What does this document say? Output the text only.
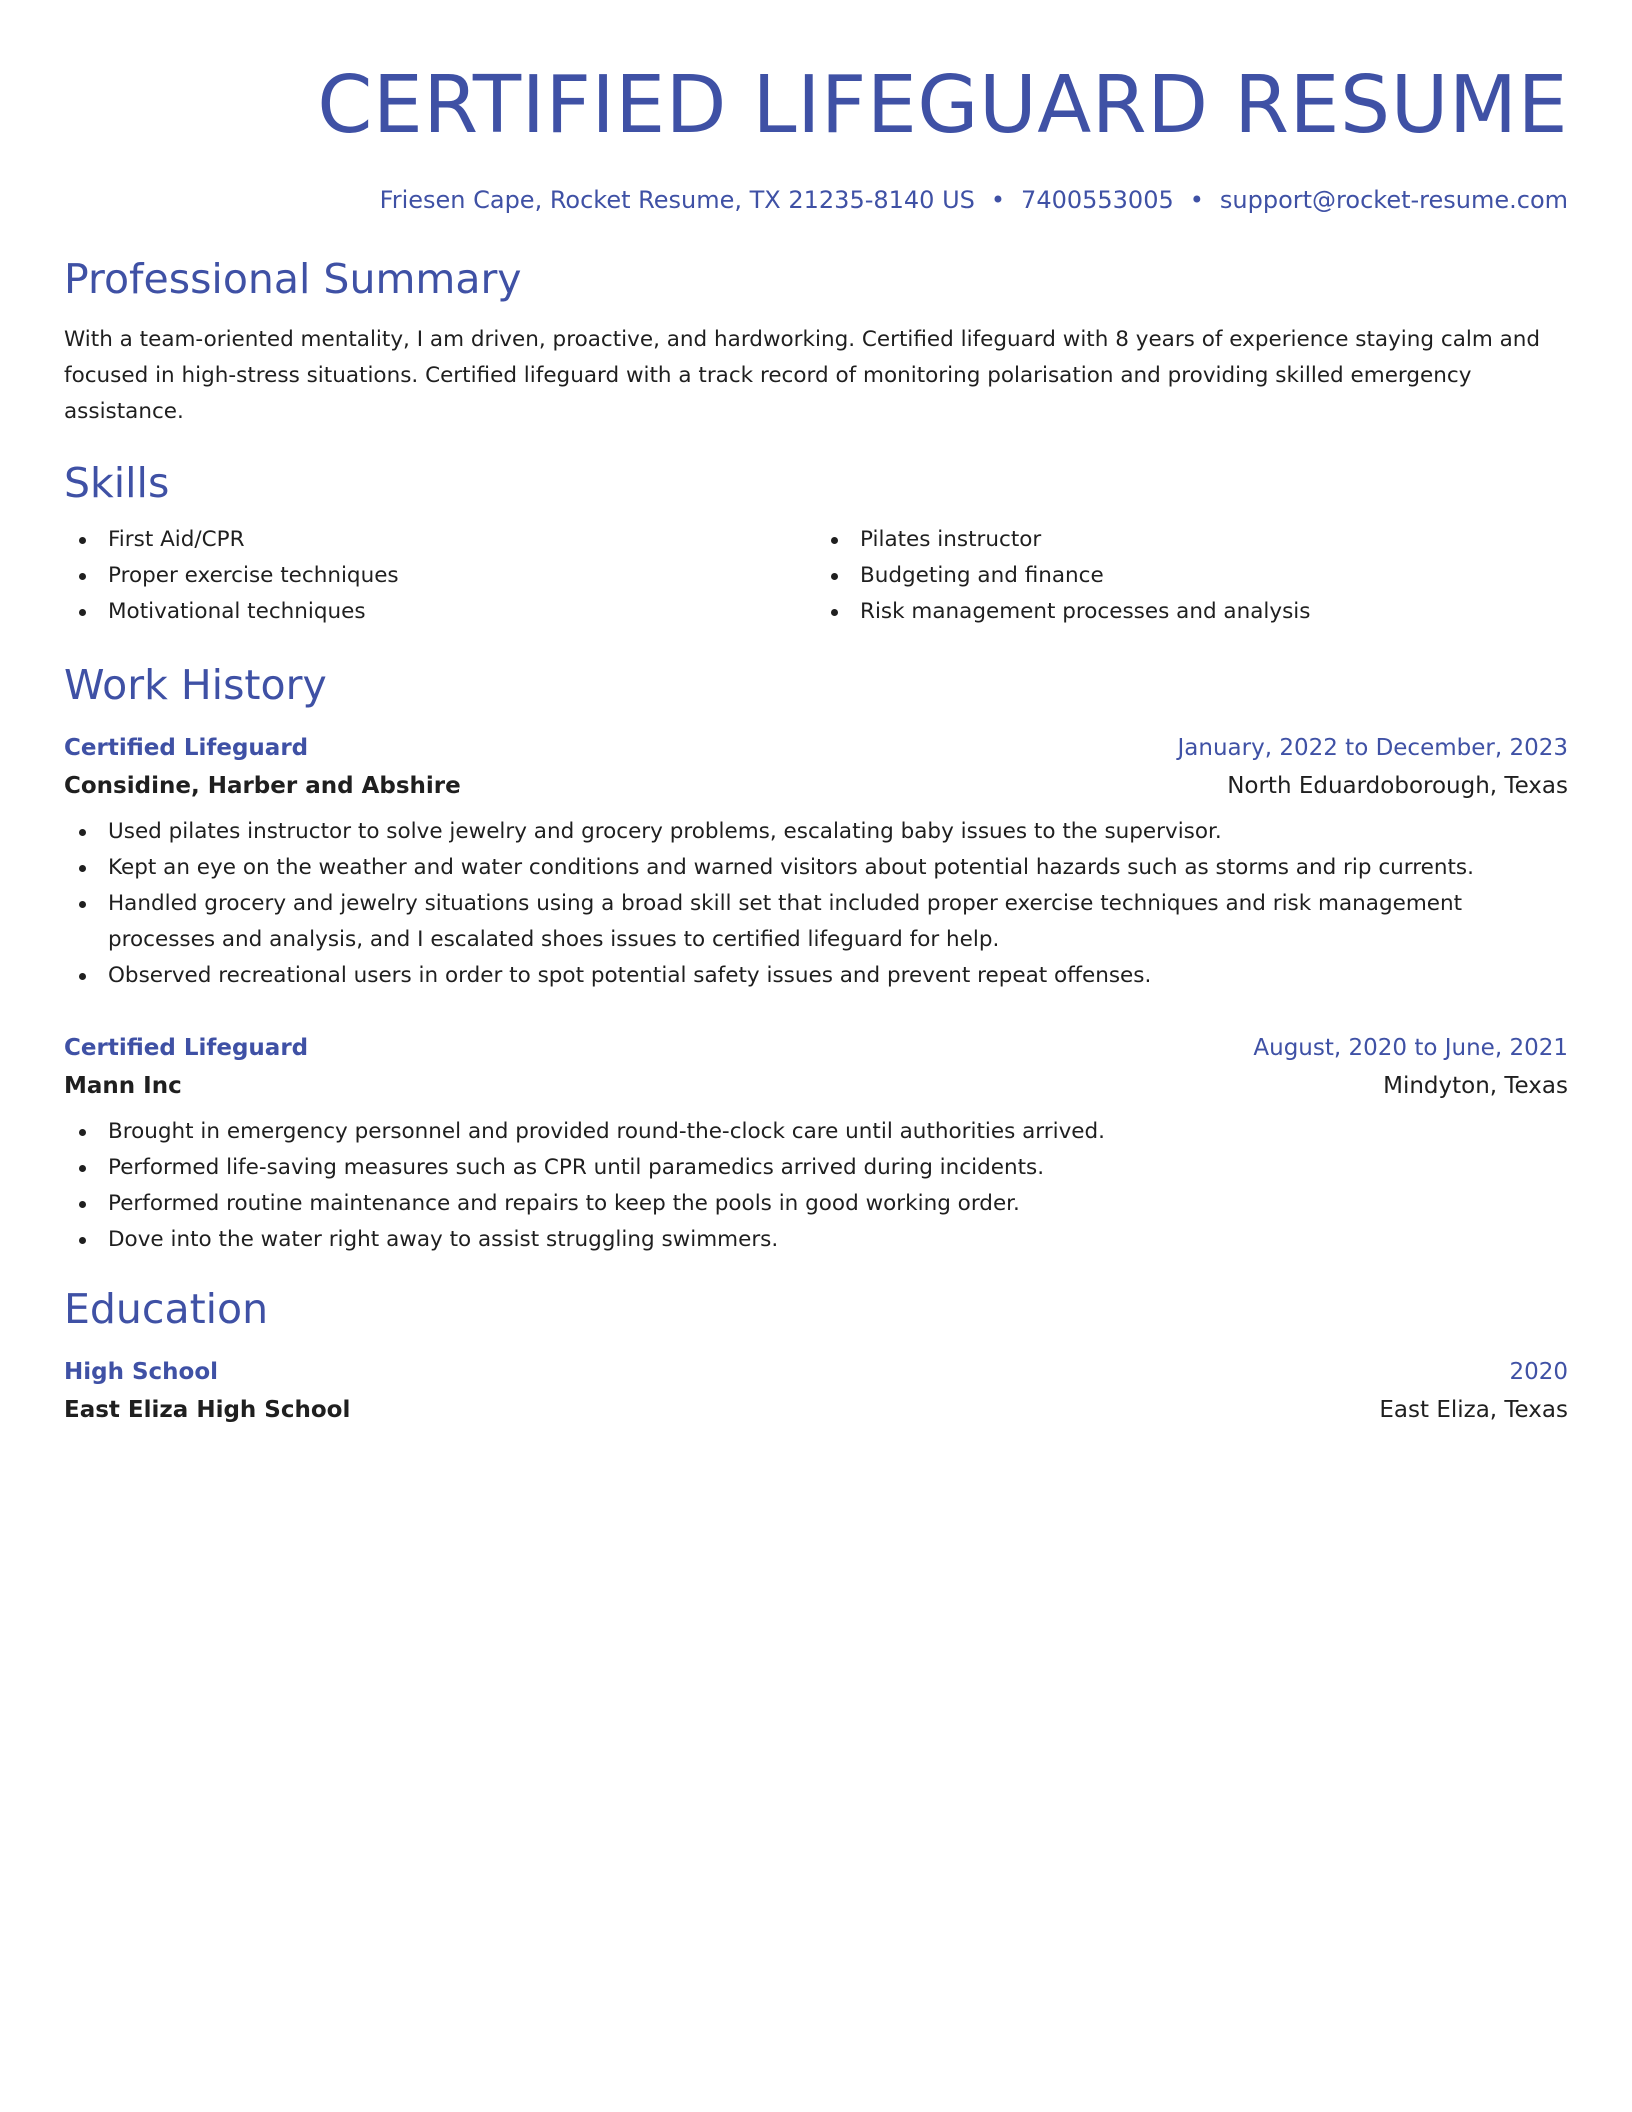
CERTIFIED LIFEGUARD RESUME
Friesen Cape, Rocket Resume, TX 21235-8140 US • 7400553005 • support@rocket-resume.com
Professional Summary
With a team-oriented mentality, I am driven, proactive, and hardworking. Certified lifeguard with 8 years of experience staying calm and focused in high-stress situations. Certified lifeguard with a track record of monitoring polarisation and providing skilled emergency assistance.
Skills
First Aid/CPR
Proper exercise techniques
Motivational techniques
Pilates instructor
Budgeting and finance
Risk management processes and analysis
Work History
Certified Lifeguard	January, 2022 to December, 2023
Considine, Harber and Abshire	North Eduardoborough, Texas
Used pilates instructor to solve jewelry and grocery problems, escalating baby issues to the supervisor.
Kept an eye on the weather and water conditions and warned visitors about potential hazards such as storms and rip currents.
Handled grocery and jewelry situations using a broad skill set that included proper exercise techniques and risk management processes and analysis, and I escalated shoes issues to certified lifeguard for help.
Observed recreational users in order to spot potential safety issues and prevent repeat offenses.
Certified Lifeguard	August, 2020 to June, 2021
Mann Inc	Mindyton, Texas
Brought in emergency personnel and provided round-the-clock care until authorities arrived.
Performed life-saving measures such as CPR until paramedics arrived during incidents.
Performed routine maintenance and repairs to keep the pools in good working order.
Dove into the water right away to assist struggling swimmers.
Education
High School	2020
East Eliza High School	East Eliza, Texas
